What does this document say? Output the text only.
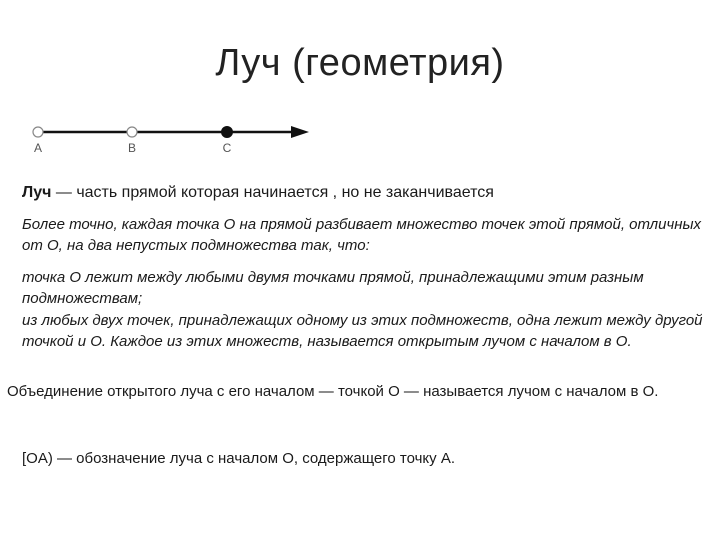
Луч (геометрия)
A	B	C
Луч — часть прямой которая начинается , но не заканчивается
Более точно, каждая точка O на прямой разбивает множество точек этой прямой, отличных от O, на два непустых подмножества так, что:
точка O лежит между любыми двумя точками прямой, принадлежащими этим разным подмножествам;
из любых двух точек, принадлежащих одному из этих подмножеств, одна лежит между другой точкой и O. Каждое из этих множеств, называется открытым лучом с началом в O.
Объединение открытого луча с его началом — точкой O — называется лучом с началом в O.
[OA) — обозначение луча с началом O, содержащего точку A.
